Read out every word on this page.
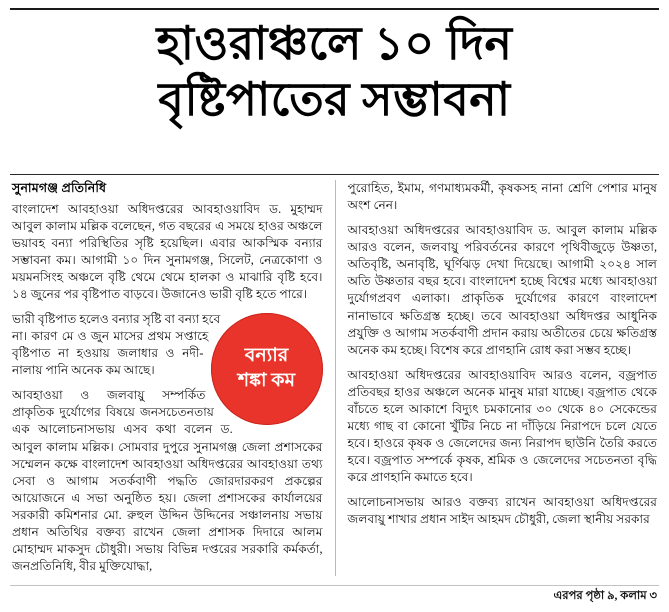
হাওরাঞ্চলে ১০ দিন
বৃষ্টিপাতের সম্ভাবনা
সুনামগঞ্জ প্রতিনিধি

বাংলাদেশ আবহাওয়া অধিদপ্তরের আবহাওয়াবিদ ড. মুহাম্মদ আবুল কালাম মল্লিক বলেছেন, গত বছরের এ সময়ে হাওর অঞ্চলে ভয়াবহ বন্যা পরিস্থিতির সৃষ্টি হয়েছিল। এবার আকস্মিক বন্যার সম্ভাবনা কম। আগামী ১০ দিন সুনামগঞ্জ, সিলেট, নেত্রকোণা ও ময়মনসিংহ অঞ্চলে বৃষ্টি থেমে থেমে হালকা ও মাঝারি বৃষ্টি হবে। ১৪ জুনের পর বৃষ্টিপাত বাড়বে। উজানেও ভারী বৃষ্টি হতে পারে।

বন্যার
শঙ্কা কম

ভারী বৃষ্টিপাত হলেও বন্যার সৃষ্টি বা বন্যা হবে না। কারণ মে ও জুন মাসের প্রথম সপ্তাহে বৃষ্টিপাত না হওয়ায় জলাধার ও নদী-নালায় পানি অনেক কম আছে।

আবহাওয়া ও জলবায়ু সম্পর্কিত প্রাকৃতিক দুর্যোগের বিষয়ে জনসচেতনতায় এক আলোচনাসভায় এসব কথা বলেন ড. আবুল কালাম মল্লিক। সোমবার দুপুরে সুনামগঞ্জ জেলা প্রশাসকের সম্মেলন কক্ষে বাংলাদেশ আবহাওয়া অধিদপ্তরের আবহাওয়া তথ্য সেবা ও আগাম সতর্কবাণী পদ্ধতি জোরদারকরণ প্রকল্পের আয়োজনে এ সভা অনুষ্ঠিত হয়। জেলা প্রশাসকের কার্যালয়ের সরকারী কমিশনার মো. রুহুল উদ্দিন উদ্দিনের সঞ্চালনায় সভায় প্রধান অতিথির বক্তব্য রাখেন জেলা প্রশাসক দিদারে আলম মোহাম্মদ মাকসুদ চৌধুরী। সভায় বিভিন্ন দপ্তরের সরকারি কর্মকর্তা, জনপ্রতিনিধি, বীর মুক্তিযোদ্ধা,

পুরোহিত, ইমাম, গণমাধ্যমকর্মী, কৃষকসহ নানা শ্রেণি পেশার মানুষ অংশ নেন।

আবহাওয়া অধিদপ্তরের আবহাওয়াবিদ ড. আবুল কালাম মল্লিক আরও বলেন, জলবায়ু পরিবর্তনের কারণে পৃথিবীজুড়ে উষ্ণতা, অতিবৃষ্টি, অনাবৃষ্টি, ঘূর্ণিঝড় দেখা দিয়েছে। আগামী ২০২৪ সাল অতি উষ্ণতার বছর হবে। বাংলাদেশ হচ্ছে বিশ্বের মধ্যে আবহাওয়া দুর্যোগপ্রবণ এলাকা। প্রাকৃতিক দুর্যোগের কারণে বাংলাদেশ নানাভাবে ক্ষতিগ্রস্ত হচ্ছে। তবে আবহাওয়া অধিদপ্তর আধুনিক প্রযুক্তি ও আগাম সতর্কবাণী প্রদান করায় অতীতের চেয়ে ক্ষতিগ্রস্ত অনেক কম হচ্ছে। বিশেষ করে প্রাণহানি রোধ করা সম্ভব হচ্ছে।

আবহাওয়া অধিদপ্তরের আবহাওয়াবিদ আরও বলেন, বজ্রপাত প্রতিবছর হাওর অঞ্চলে অনেক মানুষ মারা যাচ্ছে। বজ্রপাত থেকে বাঁচতে হলে আকাশে বিদ্যুৎ চমকানোর ৩০ থেকে ৪০ সেকেন্ডের মধ্যে গাছ বা কোনো খুঁটির নিচে না দাঁড়িয়ে নিরাপদে চলে যেতে হবে। হাওরে কৃষক ও জেলেদের জন্য নিরাপদ ছাউনি তৈরি করতে হবে। বজ্রপাত সম্পর্কে কৃষক, শ্রমিক ও জেলেদের সচেতনতা বৃদ্ধি করে প্রাণহানি কমাতে হবে।

আলোচনাসভায় আরও বক্তব্য রাখেন আবহাওয়া অধিদপ্তরের জলবায়ু শাখার প্রধান সাইদ আহমদ চৌধুরী, জেলা স্থানীয় সরকার

এরপর পৃষ্ঠা ৯, কলাম ৩
